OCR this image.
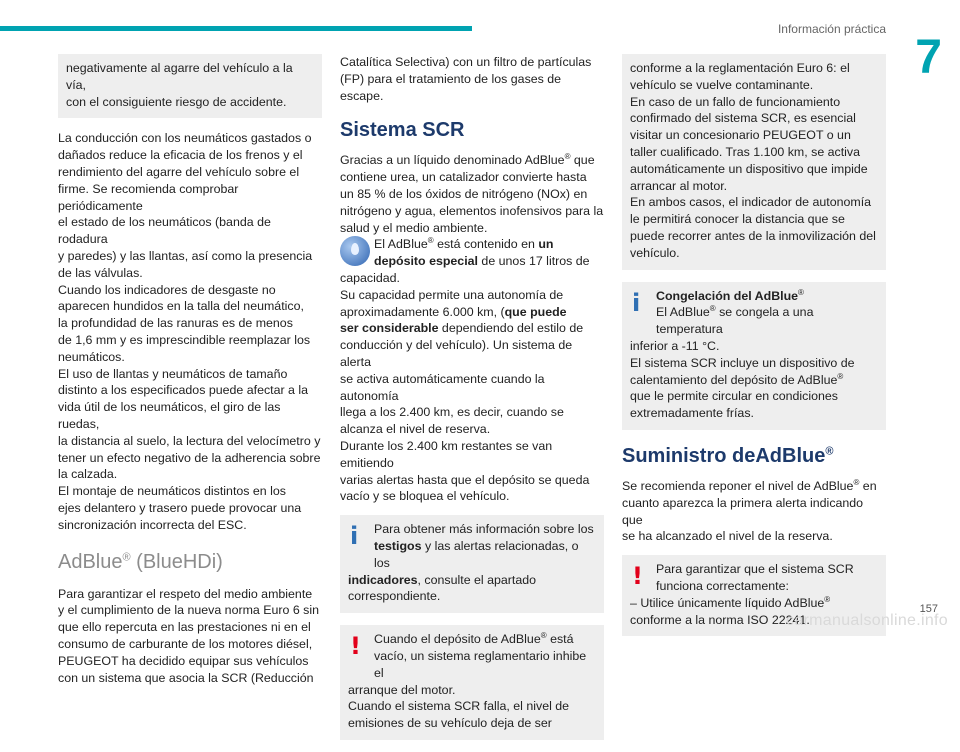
Información práctica
7
negativamente al agarre del vehículo a la vía,
con el consiguiente riesgo de accidente.

La conducción con los neumáticos gastados o
dañados reduce la eficacia de los frenos y el
rendimiento del agarre del vehículo sobre el
firme. Se recomienda comprobar periódicamente
el estado de los neumáticos (banda de rodadura
y paredes) y las llantas, así como la presencia
de las válvulas.
Cuando los indicadores de desgaste no
aparecen hundidos en la talla del neumático,
la profundidad de las ranuras es de menos
de 1,6 mm y es imprescindible reemplazar los
neumáticos.
El uso de llantas y neumáticos de tamaño
distinto a los especificados puede afectar a la
vida útil de los neumáticos, el giro de las ruedas,
la distancia al suelo, la lectura del velocímetro y
tener un efecto negativo de la adherencia sobre
la calzada.
El montaje de neumáticos distintos en los
ejes delantero y trasero puede provocar una
sincronización incorrecta del ESC.

AdBlue® (BlueHDi)

Para garantizar el respeto del medio ambiente
y el cumplimiento de la nueva norma Euro 6 sin
que ello repercuta en las prestaciones ni en el
consumo de carburante de los motores diésel,
PEUGEOT ha decidido equipar sus vehículos
con un sistema que asocia la SCR (Reducción

Catalítica Selectiva) con un filtro de partículas
(FP) para el tratamiento de los gases de escape.

Sistema SCR

Gracias a un líquido denominado AdBlue® que
contiene urea, un catalizador convierte hasta
un 85 % de los óxidos de nitrógeno (NOx) en
nitrógeno y agua, elementos inofensivos para la
salud y el medio ambiente.

El AdBlue® está contenido en un
depósito especial de unos 17 litros de
capacidad.

Su capacidad permite una autonomía de
aproximadamente 6.000 km, (que puede
ser considerable dependiendo del estilo de
conducción y del vehículo). Un sistema de alerta
se activa automáticamente cuando la autonomía
llega a los 2.400 km, es decir, cuando se
alcanza el nivel de reserva.
Durante los 2.400 km restantes se van emitiendo
varias alertas hasta que el depósito se queda
vacío y se bloquea el vehículo.

i Para obtener más información sobre los
testigos y las alertas relacionadas, o los
indicadores, consulte el apartado
correspondiente.
! Cuando el depósito de AdBlue® está
vacío, un sistema reglamentario inhibe el
arranque del motor.
Cuando el sistema SCR falla, el nivel de
emisiones de su vehículo deja de ser
conforme a la reglamentación Euro 6: el
vehículo se vuelve contaminante.
En caso de un fallo de funcionamiento
confirmado del sistema SCR, es esencial
visitar un concesionario PEUGEOT o un
taller cualificado. Tras 1.100 km, se activa
automáticamente un dispositivo que impide
arrancar al motor.
En ambos casos, el indicador de autonomía
le permitirá conocer la distancia que se
puede recorrer antes de la inmovilización del
vehículo.
i Congelación del AdBlue®
El AdBlue® se congela a una temperatura
inferior a -11 °C.
El sistema SCR incluye un dispositivo de
calentamiento del depósito de AdBlue®
que le permite circular en condiciones
extremadamente frías.
Suministro deAdBlue®

Se recomienda reponer el nivel de AdBlue® en
cuanto aparezca la primera alerta indicando que
se ha alcanzado el nivel de la reserva.

! Para garantizar que el sistema SCR
funciona correctamente:
– Utilice únicamente líquido AdBlue®
conforme a la norma ISO 22241.
157
carmanualsonline.info
